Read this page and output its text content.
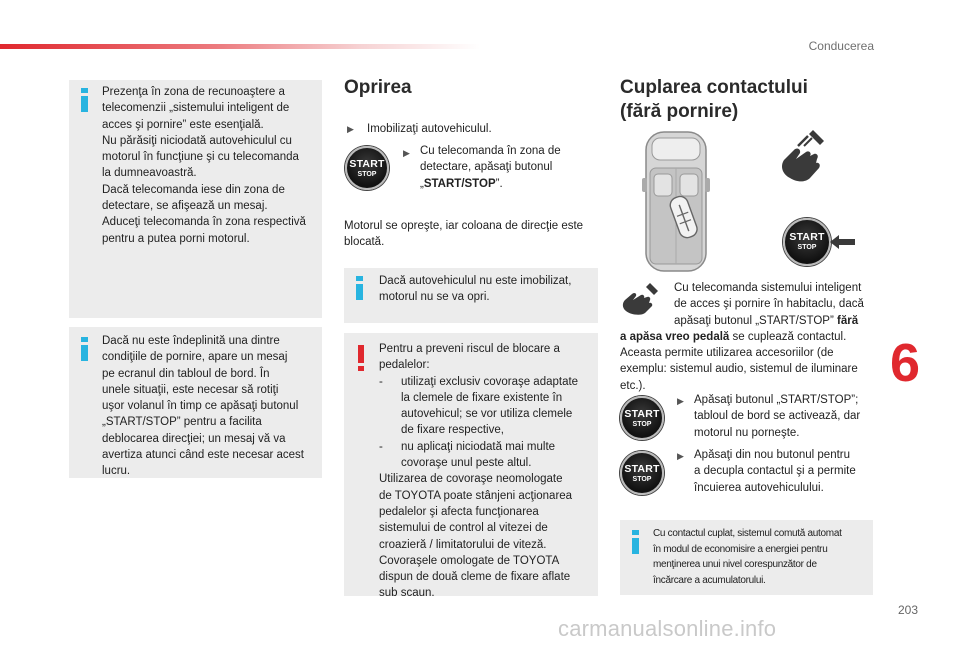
Conducerea
Prezenţa în zona de recunoaştere a
telecomenzii „sistemului inteligent de
acces şi pornire” este esenţială.
Nu părăsiţi niciodată autovehiculul cu
motorul în funcţiune şi cu telecomanda
la dumneavoastră.
Dacă telecomanda iese din zona de
detectare, se afişează un mesaj.
Aduceţi telecomanda în zona respectivă
pentru a putea porni motorul.
Dacă nu este îndeplinită una dintre
condiţiile de pornire, apare un mesaj
pe ecranul din tabloul de bord. În
unele situaţii, este necesar să rotiţi
uşor volanul în timp ce apăsaţi butonul
„START/STOP” pentru a facilita
deblocarea direcţiei; un mesaj vă va
avertiza atunci când este necesar acest
lucru.
Oprirea
▶ Imobilizaţi autovehiculul.
START
STOP
▶ Cu telecomanda în zona de
detectare, apăsaţi butonul
„START/STOP”.
Motorul se opreşte, iar coloana de direcţie este
blocată.
Dacă autovehiculul nu este imobilizat,
motorul nu se va opri.
Pentru a preveni riscul de blocare a
pedalelor:
- utilizaţi exclusiv covoraşe adaptate
la clemele de fixare existente în
autovehicul; se vor utiliza clemele
de fixare respective,
- nu aplicaţi niciodată mai multe
covoraşe unul peste altul.
Utilizarea de covoraşe neomologate
de TOYOTA poate stânjeni acţionarea
pedalelor şi afecta funcţionarea
sistemului de control al vitezei de
croazieră / limitatorului de viteză.
Covoraşele omologate de TOYOTA
dispun de două cleme de fixare aflate
sub scaun.
Cuplarea contactului
(fără pornire)
START
STOP
Cu telecomanda sistemului inteligent
de acces şi pornire în habitaclu, dacă
apăsaţi butonul „START/STOP” fără
a apăsa vreo pedală se cuplează contactul.
Aceasta permite utilizarea accesoriilor (de
exemplu: sistemul audio, sistemul de iluminare
etc.).
START
STOP
▶ Apăsaţi butonul „START/STOP”;
tabloul de bord se activează, dar
motorul nu porneşte.
START
STOP
▶ Apăsaţi din nou butonul pentru
a decupla contactul şi a permite
încuierea autovehiculului.
Cu contactul cuplat, sistemul comută automat
în modul de economisire a energiei pentru
menţinerea unui nivel corespunzător de
încărcare a acumulatorului.
6
203
carmanualsonline.info
